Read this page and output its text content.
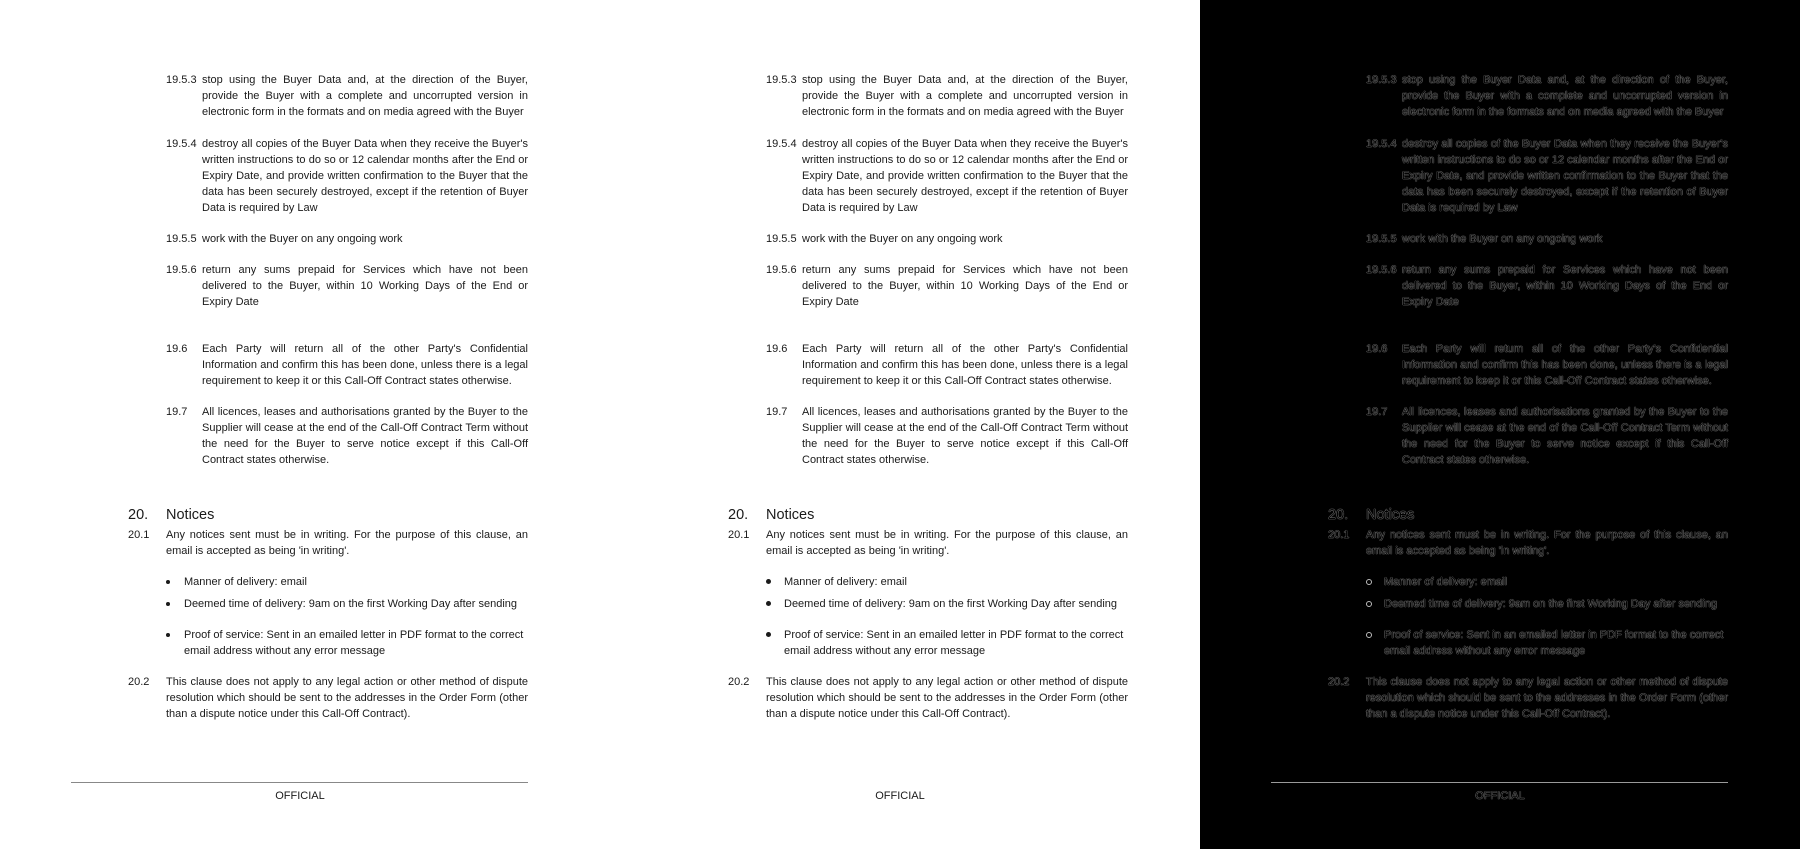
19.5.3 stop using the Buyer Data and, at the direction of the Buyer, provide the Buyer with a complete and uncorrupted version in electronic form in the formats and on media agreed with the Buyer
19.5.4 destroy all copies of the Buyer Data when they receive the Buyer's written instructions to do so or 12 calendar months after the End or Expiry Date, and provide written confirmation to the Buyer that the data has been securely destroyed, except if the retention of Buyer Data is required by Law
19.5.5 work with the Buyer on any ongoing work
19.5.6 return any sums prepaid for Services which have not been delivered to the Buyer, within 10 Working Days of the End or Expiry Date
19.6 Each Party will return all of the other Party's Confidential Information and confirm this has been done, unless there is a legal requirement to keep it or this Call-Off Contract states otherwise.
19.7 All licences, leases and authorisations granted by the Buyer to the Supplier will cease at the end of the Call-Off Contract Term without the need for the Buyer to serve notice except if this Call-Off Contract states otherwise.
20. Notices
20.1 Any notices sent must be in writing. For the purpose of this clause, an email is accepted as being 'in writing'.
Manner of delivery: email
Deemed time of delivery: 9am on the first Working Day after sending
Proof of service: Sent in an emailed letter in PDF format to the correct email address without any error message
20.2 This clause does not apply to any legal action or other method of dispute resolution which should be sent to the addresses in the Order Form (other than a dispute notice under this Call-Off Contract).
OFFICIAL
19.5.3 stop using the Buyer Data and, at the direction of the Buyer, provide the Buyer with a complete and uncorrupted version in electronic form in the formats and on media agreed with the Buyer
19.5.4 destroy all copies of the Buyer Data when they receive the Buyer's written instructions to do so or 12 calendar months after the End or Expiry Date, and provide written confirmation to the Buyer that the data has been securely destroyed, except if the retention of Buyer Data is required by Law
19.5.5 work with the Buyer on any ongoing work
19.5.6 return any sums prepaid for Services which have not been delivered to the Buyer, within 10 Working Days of the End or Expiry Date
19.6 Each Party will return all of the other Party's Confidential Information and confirm this has been done, unless there is a legal requirement to keep it or this Call-Off Contract states otherwise.
19.7 All licences, leases and authorisations granted by the Buyer to the Supplier will cease at the end of the Call-Off Contract Term without the need for the Buyer to serve notice except if this Call-Off Contract states otherwise.
20. Notices
20.1 Any notices sent must be in writing. For the purpose of this clause, an email is accepted as being 'in writing'.
Manner of delivery: email
Deemed time of delivery: 9am on the first Working Day after sending
Proof of service: Sent in an emailed letter in PDF format to the correct email address without any error message
20.2 This clause does not apply to any legal action or other method of dispute resolution which should be sent to the addresses in the Order Form (other than a dispute notice under this Call-Off Contract).
OFFICIAL
19.5.3 stop using the Buyer Data and, at the direction of the Buyer, provide the Buyer with a complete and uncorrupted version in electronic form in the formats and on media agreed with the Buyer
19.5.4 destroy all copies of the Buyer Data when they receive the Buyer's written instructions to do so or 12 calendar months after the End or Expiry Date, and provide written confirmation to the Buyer that the data has been securely destroyed, except if the retention of Buyer Data is required by Law
19.5.5 work with the Buyer on any ongoing work
19.5.6 return any sums prepaid for Services which have not been delivered to the Buyer, within 10 Working Days of the End or Expiry Date
19.6 Each Party will return all of the other Party's Confidential Information and confirm this has been done, unless there is a legal requirement to keep it or this Call-Off Contract states otherwise.
19.7 All licences, leases and authorisations granted by the Buyer to the Supplier will cease at the end of the Call-Off Contract Term without the need for the Buyer to serve notice except if this Call-Off Contract states otherwise.
20. Notices
20.1 Any notices sent must be in writing. For the purpose of this clause, an email is accepted as being 'in writing'.
Manner of delivery: email
Deemed time of delivery: 9am on the first Working Day after sending
Proof of service: Sent in an emailed letter in PDF format to the correct email address without any error message
20.2 This clause does not apply to any legal action or other method of dispute resolution which should be sent to the addresses in the Order Form (other than a dispute notice under this Call-Off Contract).
OFFICIAL
